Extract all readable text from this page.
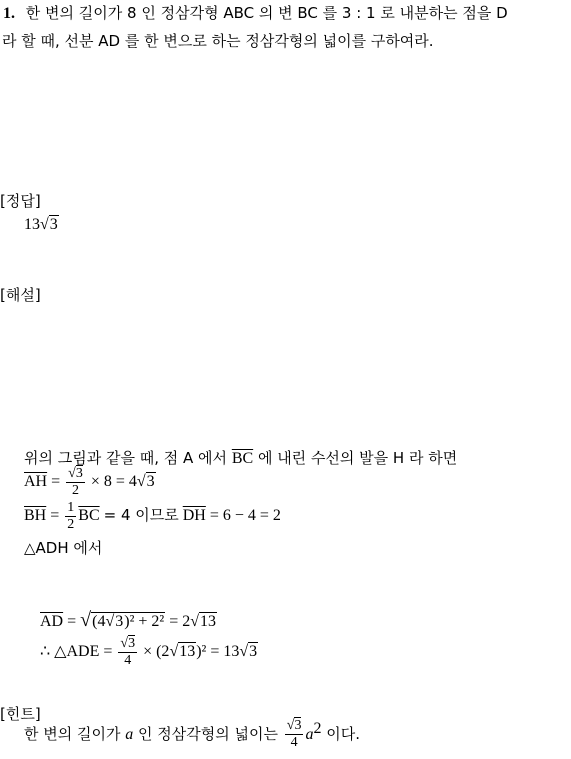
1. 한 변의 길이가 8 인 정삼각형 ABC 의 변 BC 를 3 : 1 로 내분하는 점을 D
라 할 때, 선분 AD 를 한 변으로 하는 정삼각형의 넓이를 구하여라.
[정답]
13√3
[해설]
위의 그림과 같을 때, 점 A 에서 $\overline{BC}$ 에 내린 수선의 발을 H 라 하면
$\overline{AH} = \frac{√3}{2} \times 8 = 4√3$
$\overline{BH} = \frac{1}{2} \overline{BC} = 4$ 이므로 $\overline{DH} = 6 - 4 = 2$
△ADH 에서
$\overline{AD} = √(4√3)^2 + 2^2 = 2√13$
∴ △ADE = $\frac{√3}{4} \times (2√13)^2 = 13√3$
[힌트]
한 변의 길이가 a 인 정삼각형의 넓이는 $\frac{√3}{4} a^2$ 이다.
